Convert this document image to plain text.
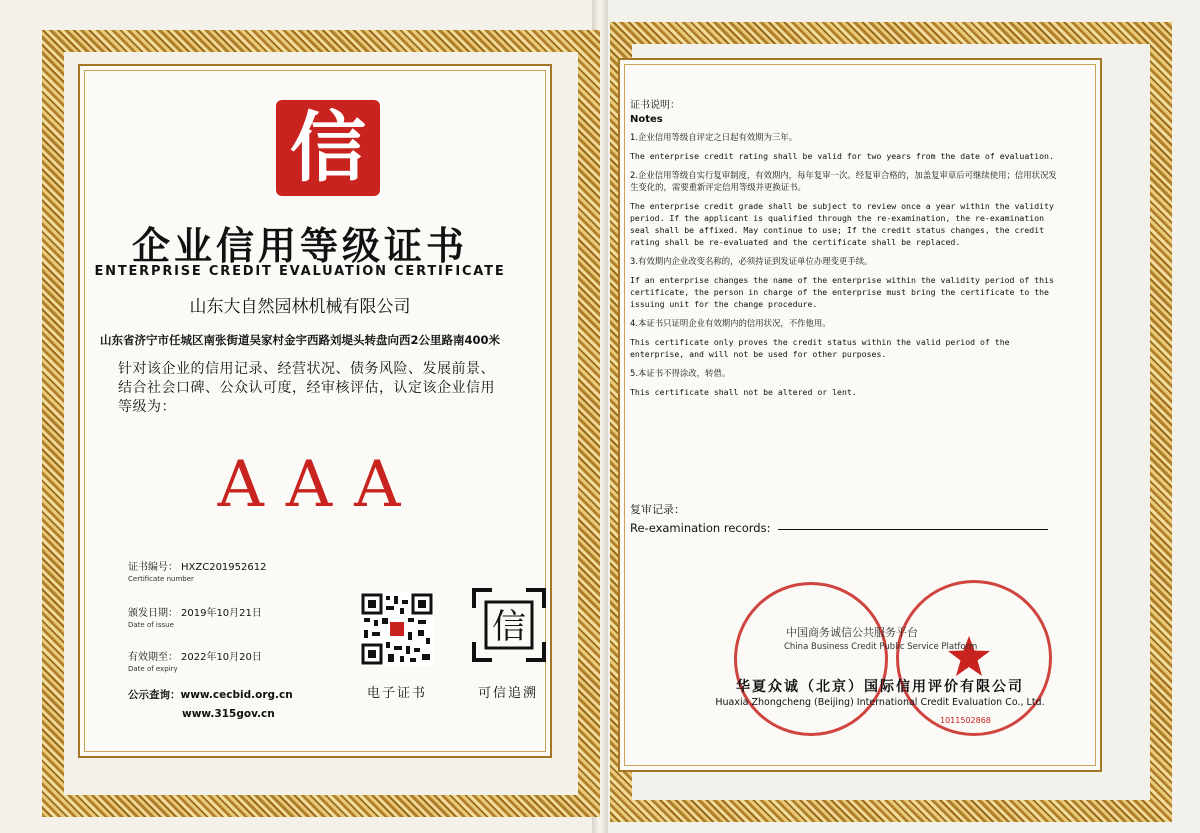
信
企业信用等级证书
ENTERPRISE CREDIT EVALUATION CERTIFICATE
山东大自然园林机械有限公司
山东省济宁市任城区南张街道吴家村金宇西路刘堤头转盘向西2公里路南400米
针对该企业的信用记录、经营状况、债务风险、发展前景、结合社会口碑、公众认可度，经审核评估，认定该企业信用等级为：
AAA
证书编号： HXZC201952612
Certificate number
颁发日期： 2019年10月21日
Date of issue
有效期至： 2022年10月20日
Date of expiry
公示查询：www.cecbid.org.cn
www.315gov.cn
电子证书
信
可信追溯
证书说明：
Notes

1.企业信用等级自评定之日起有效期为三年。

The enterprise credit rating shall be valid for two years from the date of evaluation.

2.企业信用等级自实行复审制度，有效期内，每年复审一次。经复审合格的，加盖复审章后可继续使用；信用状况发生变化的，需要重新评定信用等级并更换证书。

The enterprise credit grade shall be subject to review once a year within the validity period. If the applicant is qualified through the re-examination, the re-examination seal shall be affixed. May continue to use; If the credit status changes, the credit rating shall be re-evaluated and the certificate shall be replaced.

3.有效期内企业改变名称的，必须持证到发证单位办理变更手续。

If an enterprise changes the name of the enterprise within the validity period of this certificate, the person in charge of the enterprise must bring the certificate to the issuing unit for the change procedure.

4.本证书只证明企业有效期内的信用状况，不作他用。

This certificate only proves the credit status within the valid period of the enterprise, and will not be used for other purposes.

5.本证书不得涂改，转借。

This certificate shall not be altered or lent.

复审记录：
Re-examination records:
中国商务诚信公共服务平台
China Business Credit Public Service Platform
1011502868
华夏众诚（北京）国际信用评价有限公司
Huaxia Zhongcheng (Beijing) International Credit Evaluation Co., Ltd.
